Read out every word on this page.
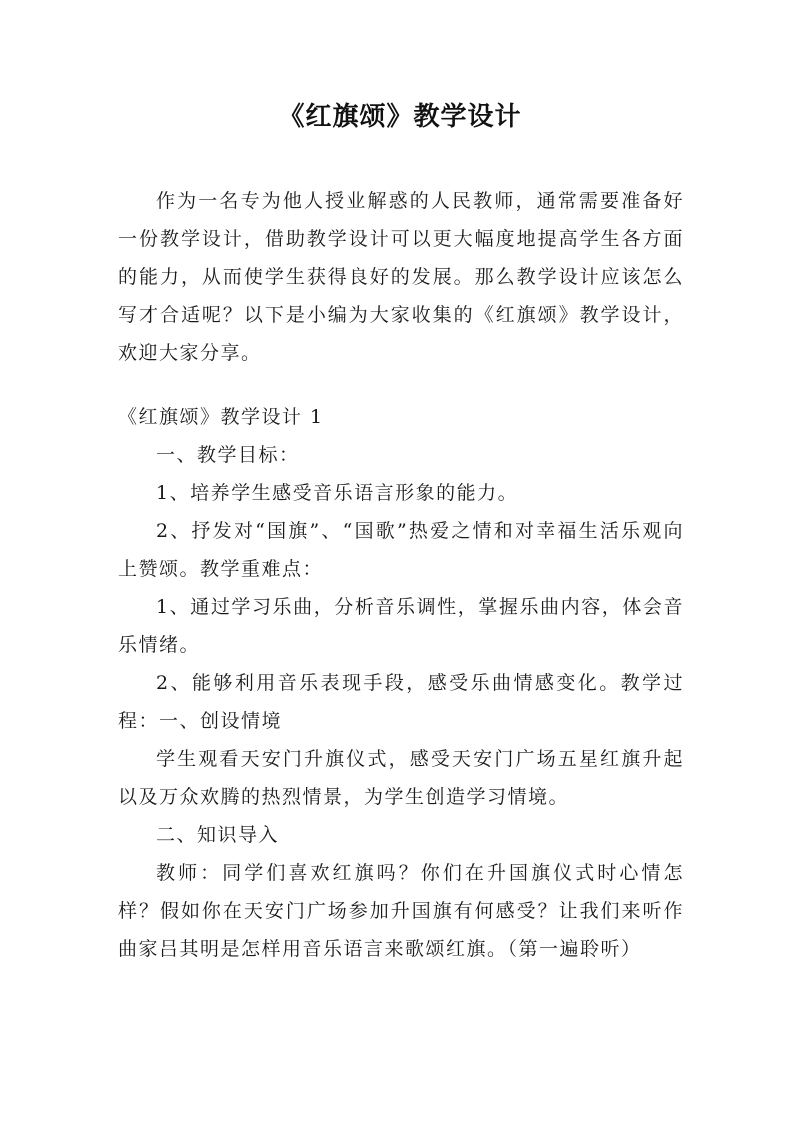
《红旗颂》教学设计
作为一名专为他人授业解惑的人民教师，通常需要准备好一份教学设计，借助教学设计可以更大幅度地提高学生各方面的能力，从而使学生获得良好的发展。那么教学设计应该怎么写才合适呢？以下是小编为大家收集的《红旗颂》教学设计，欢迎大家分享。

《红旗颂》教学设计 1

一、教学目标：

1、培养学生感受音乐语言形象的能力。

2、抒发对“国旗”、“国歌”热爱之情和对幸福生活乐观向上赞颂。教学重难点：

1、通过学习乐曲，分析音乐调性，掌握乐曲内容，体会音乐情绪。

2、能够利用音乐表现手段，感受乐曲情感变化。教学过程：一、创设情境

学生观看天安门升旗仪式，感受天安门广场五星红旗升起以及万众欢腾的热烈情景，为学生创造学习情境。

二、知识导入

教师：同学们喜欢红旗吗？你们在升国旗仪式时心情怎样？假如你在天安门广场参加升国旗有何感受？让我们来听作曲家吕其明是怎样用音乐语言来歌颂红旗。（第一遍聆听）
